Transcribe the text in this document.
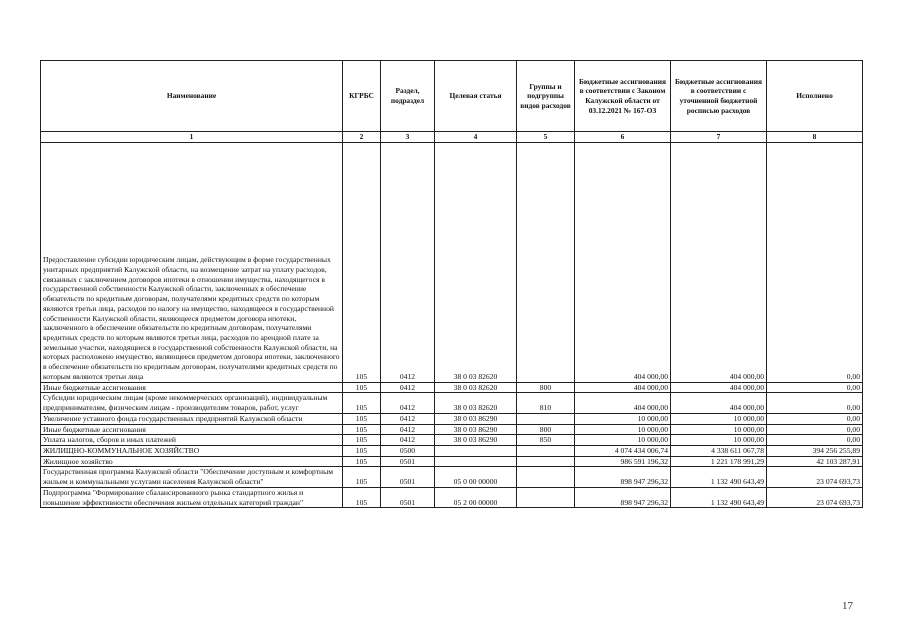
Наименование	КГРБС	Раздел, подраздел	Целевая статья	Группы и подгруппы видов расходов	Бюджетные ассигнования в соответствии с Законом Калужской области от 03.12.2021 № 167-ОЗ	Бюджетные ассигнования в соответствии с уточненной бюджетной росписью расходов	Исполнено
1	2	3	4	5	6	7	8
Предоставление субсидии юридическим лицам, действующим в форме государственных унитарных предприятий Калужской области, на возмещение затрат на уплату расходов, связанных с заключением договоров ипотеки в отношении имущества, находящегося в государственной собственности Калужской области, заключенных в обеспечение обязательств по кредитным договорам, получателями кредитных средств по которым являются третьи лица, расходов по налогу на имущество, находящееся в государственной собственности Калужской области, являющееся предметом договора ипотеки, заключенного в обеспечение обязательств по кредитным договорам, получателями кредитных средств по которым являются третьи лица, расходов по арендной плате за земельные участки, находящиеся в государственной собственности Калужской области, на которых расположено имущество, являющееся предметом договора ипотеки, заключенного в обеспечение обязательств по кредитным договорам, получателями кредитных средств по которым являются третьи лица	105	0412	38 0 03 82620		404 000,00	404 000,00	0,00
Иные бюджетные ассигнования	105	0412	38 0 03 82620	800	404 000,00	404 000,00	0,00
Субсидии юридическим лицам (кроме некоммерческих организаций), индивидуальным предпринимателям, физическим лицам - производителям товаров, работ, услуг	105	0412	38 0 03 82620	810	404 000,00	404 000,00	0,00
Увеличение уставного фонда государственных предприятий Калужской области	105	0412	38 0 03 86290		10 000,00	10 000,00	0,00
Иные бюджетные ассигнования	105	0412	38 0 03 86290	800	10 000,00	10 000,00	0,00
Уплата налогов, сборов и иных платежей	105	0412	38 0 03 86290	850	10 000,00	10 000,00	0,00
ЖИЛИЩНО-КОММУНАЛЬНОЕ ХОЗЯЙСТВО	105	0500			4 074 434 006,74	4 338 611 067,78	394 256 255,89
Жилищное хозяйство	105	0501			986 591 196,32	1 221 178 991,29	42 103 287,91
Государственная программа Калужской области "Обеспечение доступным и комфортным жильем и коммунальными услугами населения Калужской области"	105	0501	05 0 00 00000		898 947 296,32	1 132 490 643,49	23 074 693,73
Подпрограмма "Формирование сбалансированного рынка стандартного жилья и повышение эффективности обеспечения жильем отдельных категорий граждан"	105	0501	05 2 00 00000		898 947 296,32	1 132 490 643,49	23 074 693,73
17
